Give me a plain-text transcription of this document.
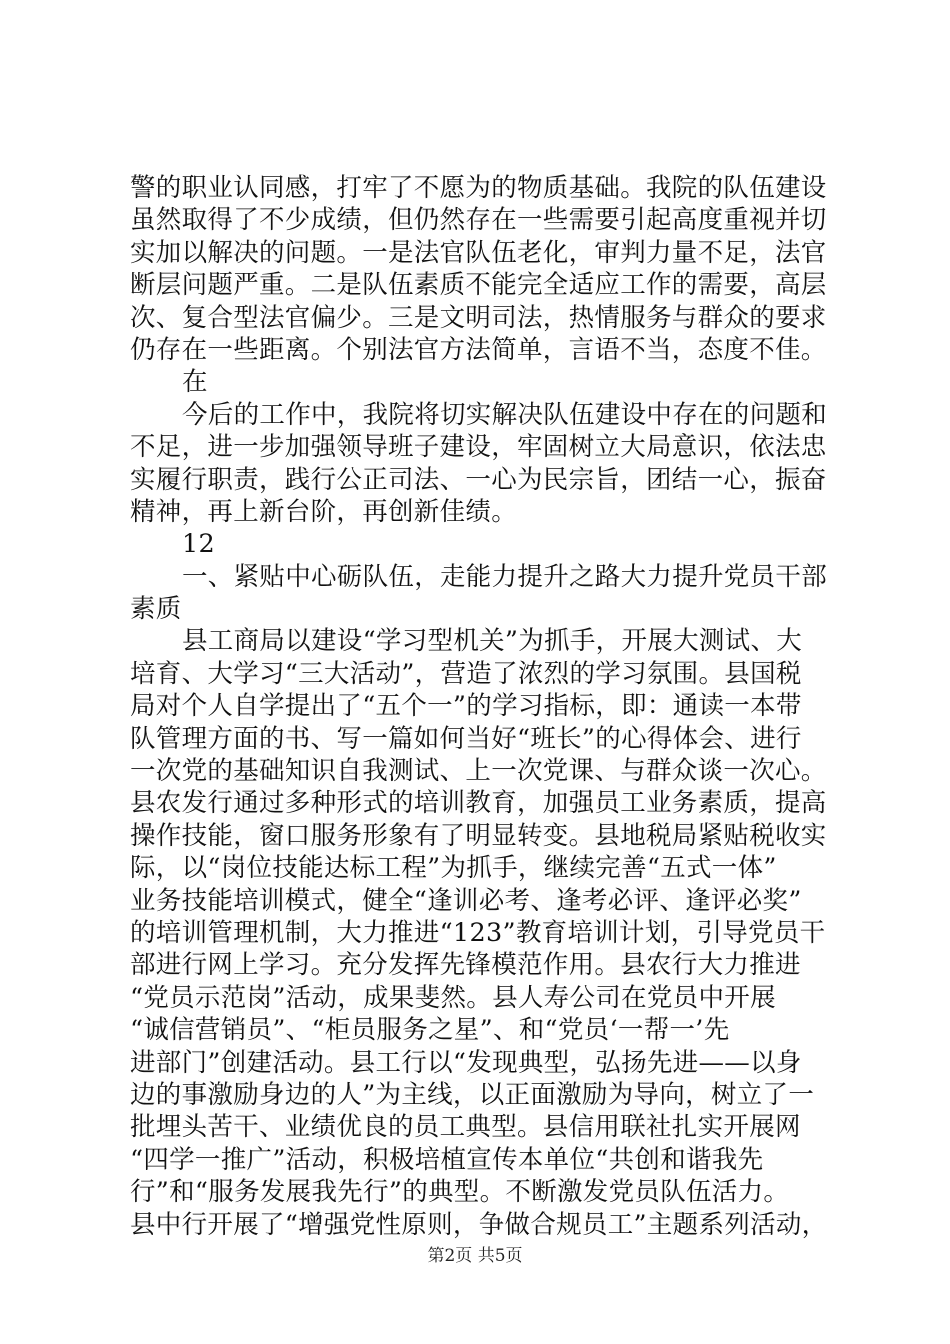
警的职业认同感，打牢了不愿为的物质基础。我院的队伍建设
虽然取得了不少成绩，但仍然存在一些需要引起高度重视并切
实加以解决的问题。一是法官队伍老化，审判力量不足，法官
断层问题严重。二是队伍素质不能完全适应工作的需要，高层
次、复合型法官偏少。三是文明司法，热情服务与群众的要求
仍存在一些距离。个别法官方法简单，言语不当，态度不佳。
在
今后的工作中，我院将切实解决队伍建设中存在的问题和
不足，进一步加强领导班子建设，牢固树立大局意识，依法忠
实履行职责，践行公正司法、一心为民宗旨，团结一心，振奋
精神，再上新台阶，再创新佳绩。
12
一、紧贴中心砺队伍，走能力提升之路大力提升党员干部
素质
县工商局以建设“学习型机关”为抓手，开展大测试、大
培育、大学习“三大活动”，营造了浓烈的学习氛围。县国税
局对个人自学提出了“五个一”的学习指标，即：通读一本带
队管理方面的书、写一篇如何当好“班长”的心得体会、进行
一次党的基础知识自我测试、上一次党课、与群众谈一次心。
县农发行通过多种形式的培训教育，加强员工业务素质，提高
操作技能，窗口服务形象有了明显转变。县地税局紧贴税收实
际，以“岗位技能达标工程”为抓手，继续完善“五式一体”
业务技能培训模式，健全“逢训必考、逢考必评、逢评必奖”
的培训管理机制，大力推进“123”教育培训计划，引导党员干
部进行网上学习。充分发挥先锋模范作用。县农行大力推进
“党员示范岗”活动，成果斐然。县人寿公司在党员中开展
“诚信营销员”、“柜员服务之星”、和“党员‘一帮一’先
进部门”创建活动。县工行以“发现典型，弘扬先进——以身
边的事激励身边的人”为主线，以正面激励为导向，树立了一
批埋头苦干、业绩优良的员工典型。县信用联社扎实开展网
“四学一推广”活动，积极培植宣传本单位“共创和谐我先
行”和“服务发展我先行”的典型。不断激发党员队伍活力。
县中行开展了“增强党性原则，争做合规员工”主题系列活动，
第2页 共5页
